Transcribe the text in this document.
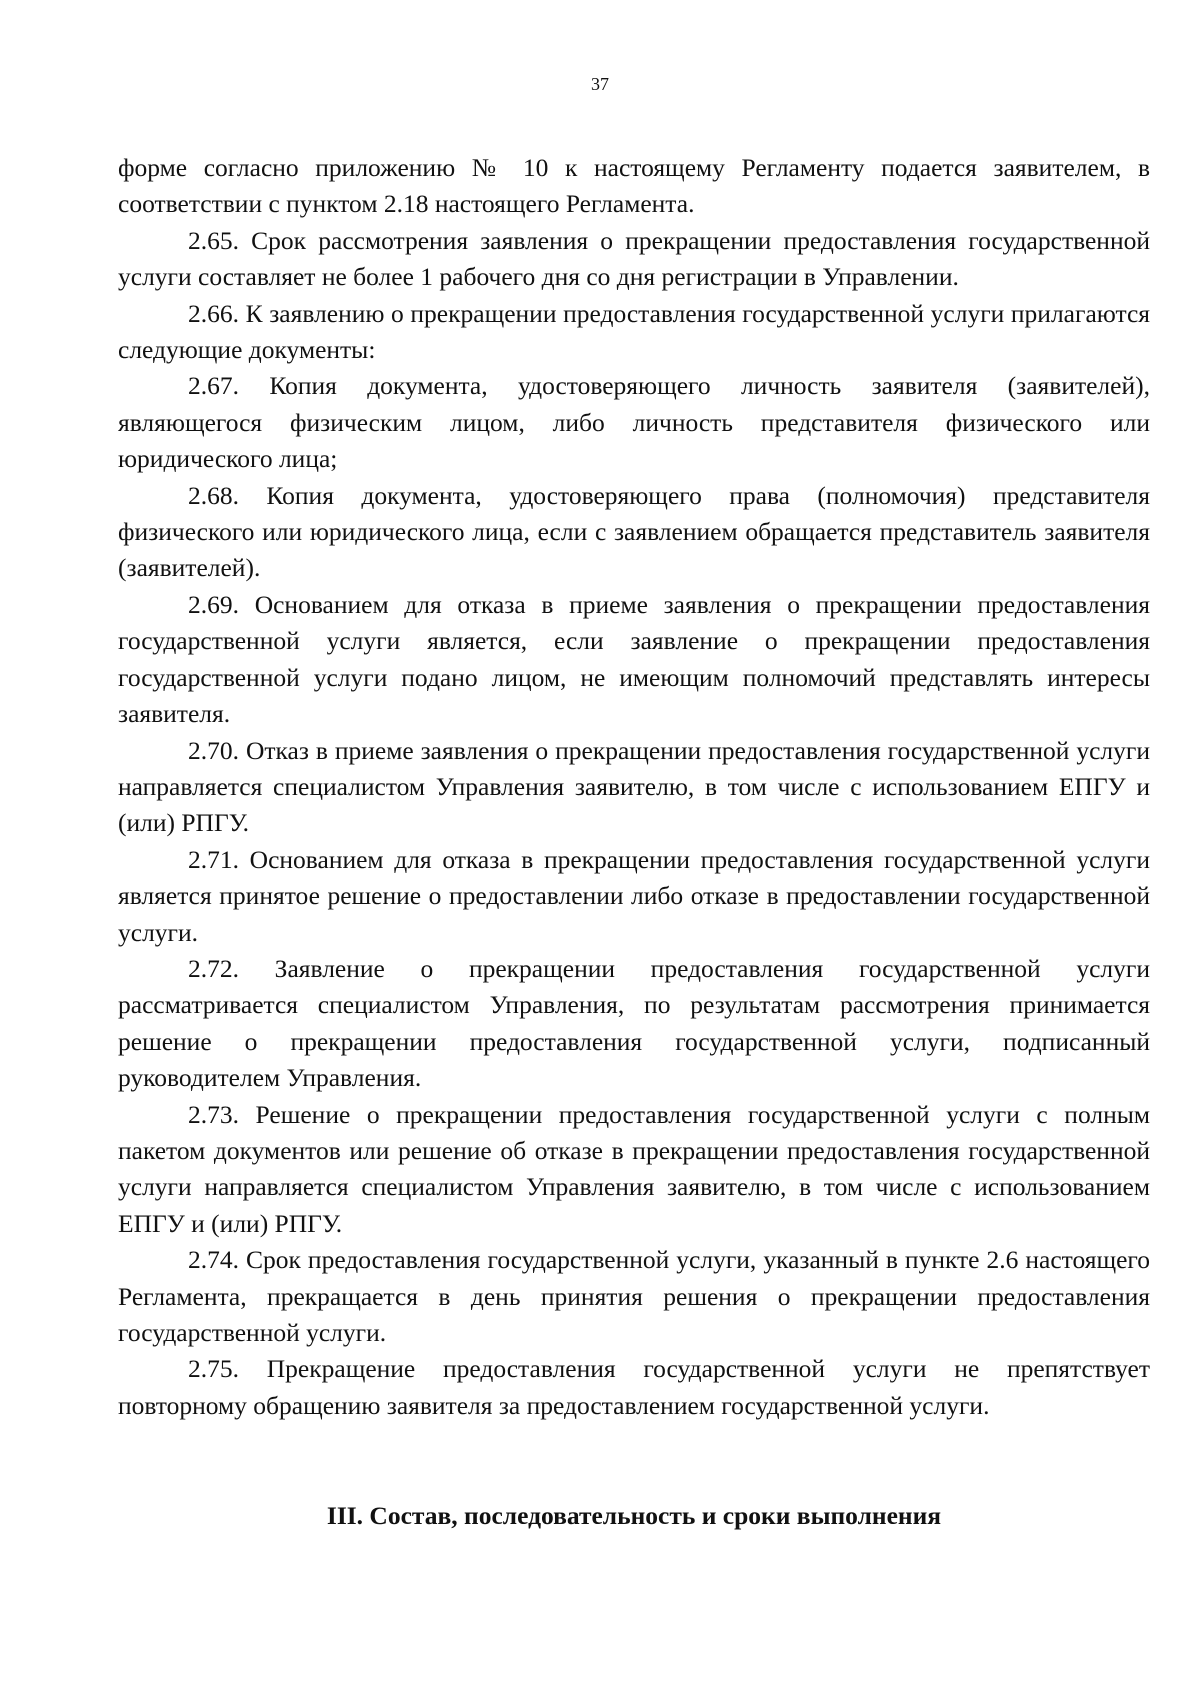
37

форме согласно приложению № 10 к настоящему Регламенту подается заявителем, в соответствии с пунктом 2.18 настоящего Регламента.

2.65. Срок рассмотрения заявления о прекращении предоставления государственной услуги составляет не более 1 рабочего дня со дня регистрации в Управлении.

2.66. К заявлению о прекращении предоставления государственной услуги прилагаются следующие документы:

2.67. Копия документа, удостоверяющего личность заявителя (заявителей), являющегося физическим лицом, либо личность представителя физического или юридического лица;

2.68. Копия документа, удостоверяющего права (полномочия) представителя физического или юридического лица, если с заявлением обращается представитель заявителя (заявителей).

2.69. Основанием для отказа в приеме заявления о прекращении предоставления государственной услуги является, если заявление о прекращении предоставления государственной услуги подано лицом, не имеющим полномочий представлять интересы заявителя.

2.70. Отказ в приеме заявления о прекращении предоставления государственной услуги направляется специалистом Управления заявителю, в том числе с использованием ЕПГУ и (или) РПГУ.

2.71. Основанием для отказа в прекращении предоставления государственной услуги является принятое решение о предоставлении либо отказе в предоставлении государственной услуги.

2.72. Заявление о прекращении предоставления государственной услуги рассматривается специалистом Управления, по результатам рассмотрения принимается решение о прекращении предоставления государственной услуги, подписанный руководителем Управления.

2.73. Решение о прекращении предоставления государственной услуги с полным пакетом документов или решение об отказе в прекращении предоставления государственной услуги направляется специалистом Управления заявителю, в том числе с использованием ЕПГУ и (или) РПГУ.

2.74. Срок предоставления государственной услуги, указанный в пункте 2.6 настоящего Регламента, прекращается в день принятия решения о прекращении предоставления государственной услуги.

2.75. Прекращение предоставления государственной услуги не препятствует повторному обращению заявителя за предоставлением государственной услуги.

III. Состав, последовательность и сроки выполнения
